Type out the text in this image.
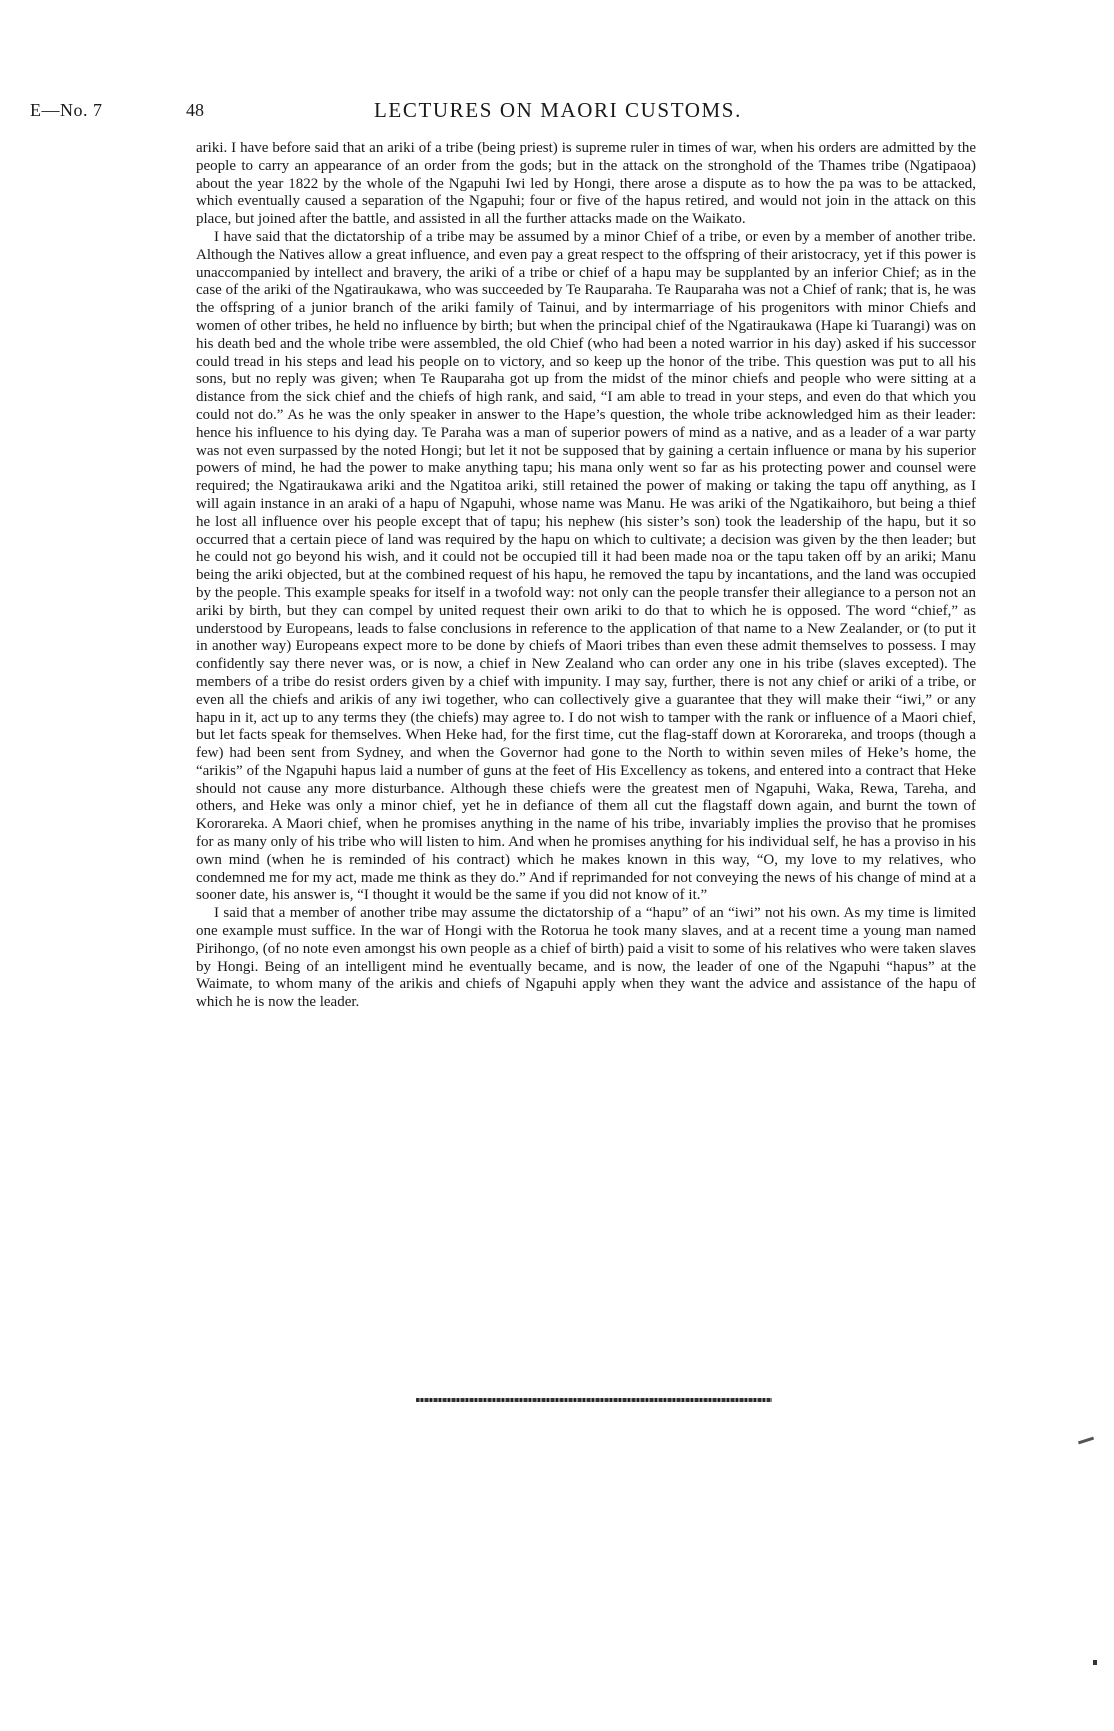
E—No. 7	48	LECTURES ON MAORI CUSTOMS.

ariki. I have before said that an ariki of a tribe (being priest) is supreme ruler in times of war, when his orders are admitted by the people to carry an appearance of an order from the gods; but in the attack on the stronghold of the Thames tribe (Ngatipaoa) about the year 1822 by the whole of the Ngapuhi Iwi led by Hongi, there arose a dispute as to how the pa was to be attacked, which eventually caused a separation of the Ngapuhi; four or five of the hapus retired, and would not join in the attack on this place, but joined after the battle, and assisted in all the further attacks made on the Waikato.

I have said that the dictatorship of a tribe may be assumed by a minor Chief of a tribe, or even by a member of another tribe. Although the Natives allow a great influence, and even pay a great respect to the offspring of their aristocracy, yet if this power is unaccompanied by intellect and bravery, the ariki of a tribe or chief of a hapu may be supplanted by an inferior Chief; as in the case of the ariki of the Ngatiraukawa, who was succeeded by Te Rauparaha. Te Rauparaha was not a Chief of rank; that is, he was the offspring of a junior branch of the ariki family of Tainui, and by intermarriage of his progenitors with minor Chiefs and women of other tribes, he held no influence by birth; but when the principal chief of the Ngatiraukawa (Hape ki Tuarangi) was on his death bed and the whole tribe were assembled, the old Chief (who had been a noted warrior in his day) asked if his successor could tread in his steps and lead his people on to victory, and so keep up the honor of the tribe. This question was put to all his sons, but no reply was given; when Te Rauparaha got up from the midst of the minor chiefs and people who were sitting at a distance from the sick chief and the chiefs of high rank, and said, “I am able to tread in your steps, and even do that which you could not do.” As he was the only speaker in answer to the Hape’s question, the whole tribe acknowledged him as their leader: hence his influence to his dying day. Te Paraha was a man of superior powers of mind as a native, and as a leader of a war party was not even surpassed by the noted Hongi; but let it not be supposed that by gaining a certain influence or mana by his superior powers of mind, he had the power to make anything tapu; his mana only went so far as his protecting power and counsel were required; the Ngatiraukawa ariki and the Ngatitoa ariki, still retained the power of making or taking the tapu off anything, as I will again instance in an araki of a hapu of Ngapuhi, whose name was Manu. He was ariki of the Ngatikaihoro, but being a thief he lost all influence over his people except that of tapu; his nephew (his sister’s son) took the leadership of the hapu, but it so occurred that a certain piece of land was required by the hapu on which to cultivate; a decision was given by the then leader; but he could not go beyond his wish, and it could not be occupied till it had been made noa or the tapu taken off by an ariki; Manu being the ariki objected, but at the combined request of his hapu, he removed the tapu by incantations, and the land was occupied by the people. This example speaks for itself in a twofold way: not only can the people transfer their allegiance to a person not an ariki by birth, but they can compel by united request their own ariki to do that to which he is opposed. The word “chief,” as understood by Europeans, leads to false conclusions in reference to the application of that name to a New Zealander, or (to put it in another way) Europeans expect more to be done by chiefs of Maori tribes than even these admit themselves to possess. I may confidently say there never was, or is now, a chief in New Zealand who can order any one in his tribe (slaves excepted). The members of a tribe do resist orders given by a chief with impunity. I may say, further, there is not any chief or ariki of a tribe, or even all the chiefs and arikis of any iwi together, who can collectively give a guarantee that they will make their “iwi,” or any hapu in it, act up to any terms they (the chiefs) may agree to. I do not wish to tamper with the rank or influence of a Maori chief, but let facts speak for themselves. When Heke had, for the first time, cut the flag-staff down at Kororareka, and troops (though a few) had been sent from Sydney, and when the Governor had gone to the North to within seven miles of Heke’s home, the “arikis” of the Ngapuhi hapus laid a number of guns at the feet of His Excellency as tokens, and entered into a contract that Heke should not cause any more disturbance. Although these chiefs were the greatest men of Ngapuhi, Waka, Rewa, Tareha, and others, and Heke was only a minor chief, yet he in defiance of them all cut the flagstaff down again, and burnt the town of Kororareka. A Maori chief, when he promises anything in the name of his tribe, invariably implies the proviso that he promises for as many only of his tribe who will listen to him. And when he promises anything for his individual self, he has a proviso in his own mind (when he is reminded of his contract) which he makes known in this way, “O, my love to my relatives, who condemned me for my act, made me think as they do.” And if reprimanded for not conveying the news of his change of mind at a sooner date, his answer is, “I thought it would be the same if you did not know of it.”

I said that a member of another tribe may assume the dictatorship of a “hapu” of an “iwi” not his own. As my time is limited one example must suffice. In the war of Hongi with the Rotorua he took many slaves, and at a recent time a young man named Pirihongo, (of no note even amongst his own people as a chief of birth) paid a visit to some of his relatives who were taken slaves by Hongi. Being of an intelligent mind he eventually became, and is now, the leader of one of the Ngapuhi “hapus” at the Waimate, to whom many of the arikis and chiefs of Ngapuhi apply when they want the advice and assistance of the hapu of which he is now the leader.
